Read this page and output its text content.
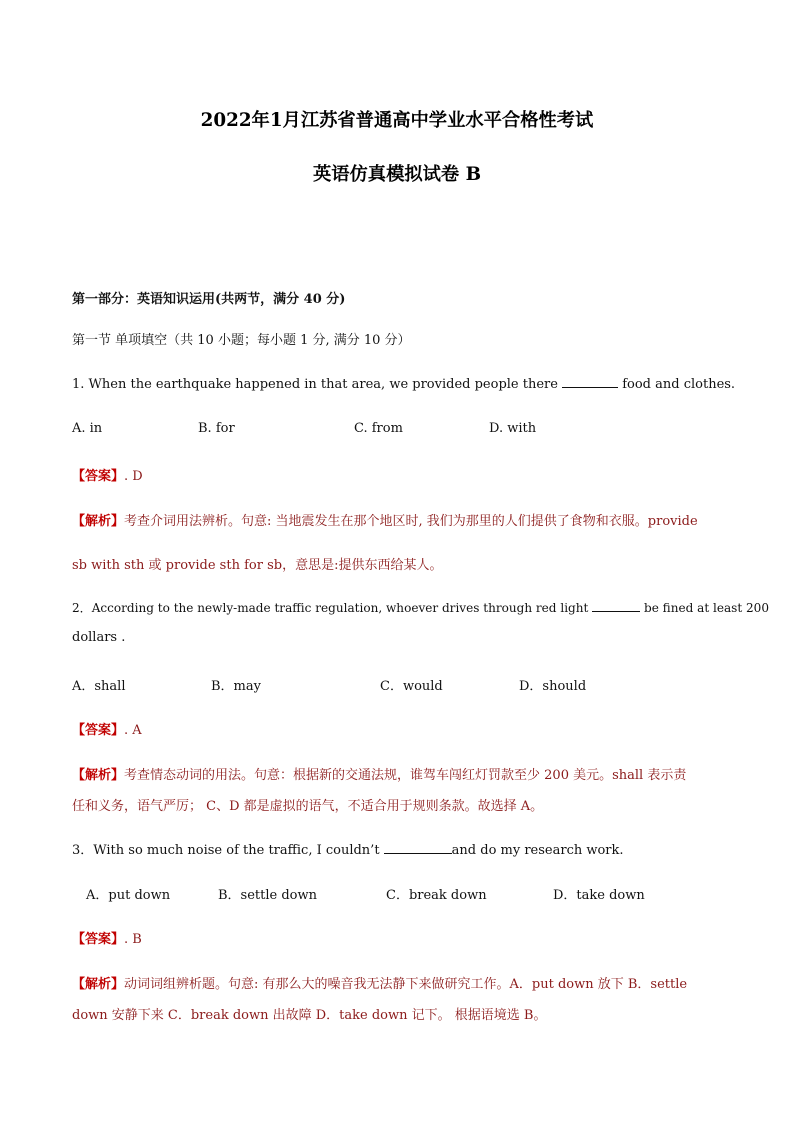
2022年1月江苏省普通高中学业水平合格性考试
英语仿真模拟试卷 B
第一部分：英语知识运用(共两节，满分 40 分)
第一节 单项填空（共 10 小题；每小题 1 分, 满分 10 分）
1. When the earthquake happened in that area, we provided people there	food and clothes.
A. in	B. for	C. from	D. with
【答案】. D
【解析】考查介词用法辨析。句意: 当地震发生在那个地区时, 我们为那里的人们提供了食物和衣服。provide
sb with sth 或 provide sth for sb，意思是:提供东西给某人。
2．According to the newly-made traffic regulation, whoever drives through red light	be fined at least 200
dollars .
A．shall	B．may	C．would	D．should
【答案】. A
【解析】考查情态动词的用法。句意：根据新的交通法规，谁驾车闯红灯罚款至少 200 美元。shall 表示责
任和义务，语气严厉； C、D 都是虚拟的语气，不适合用于规则条款。故选择 A。
3．With so much noise of the traffic, I couldn’t	and do my research work.
A．put down	B．settle down	C．break down	D．take down
【答案】. B
【解析】动词词组辨析题。句意: 有那么大的噪音我无法静下来做研究工作。A．put down 放下 B．settle
down 安静下来 C．break down 出故障 D．take down 记下。 根据语境选 B。
